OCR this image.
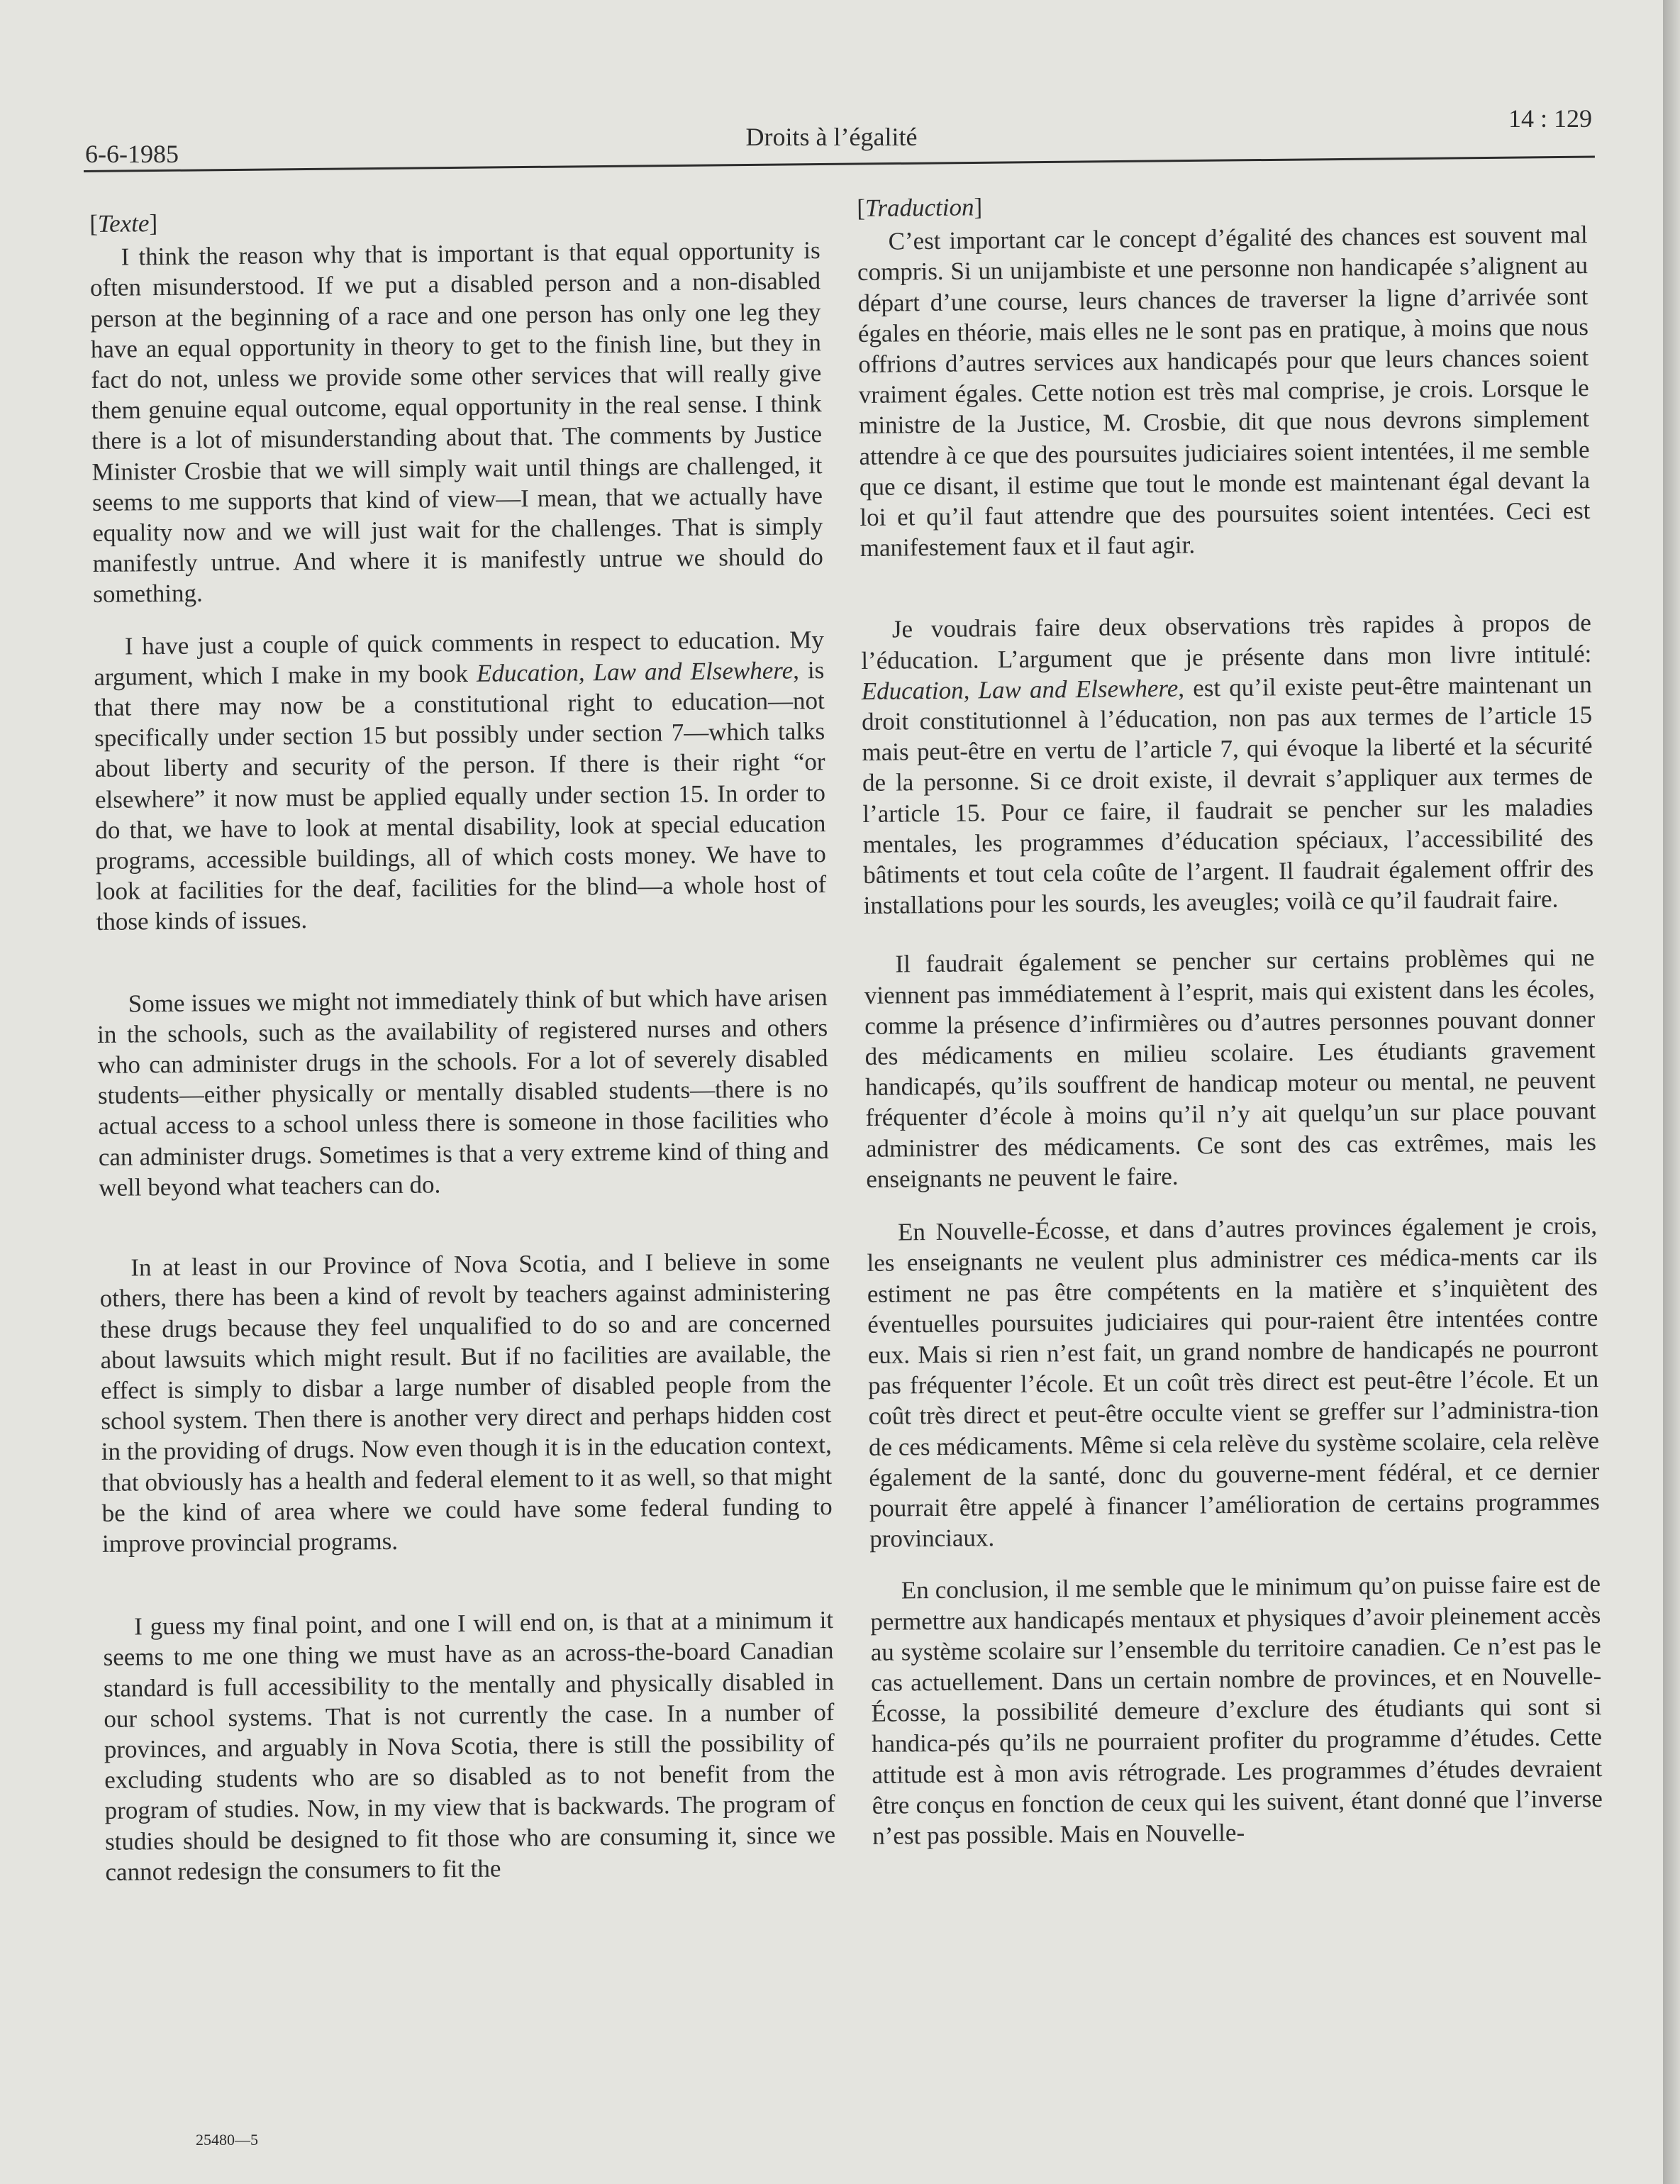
6-6-1985
Droits à l’égalité
14 : 129
[Texte]

I think the reason why that is important is that equal opportunity is often misunderstood. If we put a disabled person and a non-disabled person at the beginning of a race and one person has only one leg they have an equal opportunity in theory to get to the finish line, but they in fact do not, unless we provide some other services that will really give them genuine equal outcome, equal opportunity in the real sense. I think there is a lot of misunderstanding about that. The comments by Justice Minister Crosbie that we will simply wait until things are challenged, it seems to me supports that kind of view—I mean, that we actually have equality now and we will just wait for the challenges. That is simply manifestly untrue. And where it is manifestly untrue we should do something.

I have just a couple of quick comments in respect to education. My argument, which I make in my book Education, Law and Elsewhere, is that there may now be a constitutional right to education—not specifically under section 15 but possibly under section 7—which talks about liberty and security of the person. If there is their right “or elsewhere” it now must be applied equally under section 15. In order to do that, we have to look at mental disability, look at special education programs, accessible buildings, all of which costs money. We have to look at facilities for the deaf, facilities for the blind—a whole host of those kinds of issues.

Some issues we might not immediately think of but which have arisen in the schools, such as the availability of registered nurses and others who can administer drugs in the schools. For a lot of severely disabled students—either physically or mentally disabled students—there is no actual access to a school unless there is someone in those facilities who can administer drugs. Sometimes is that a very extreme kind of thing and well beyond what teachers can do.

In at least in our Province of Nova Scotia, and I believe in some others, there has been a kind of revolt by teachers against administering these drugs because they feel unqualified to do so and are concerned about lawsuits which might result. But if no facilities are available, the effect is simply to disbar a large number of disabled people from the school system. Then there is another very direct and perhaps hidden cost in the providing of drugs. Now even though it is in the education context, that obviously has a health and federal element to it as well, so that might be the kind of area where we could have some federal funding to improve provincial programs.

I guess my final point, and one I will end on, is that at a minimum it seems to me one thing we must have as an across-the-board Canadian standard is full accessibility to the mentally and physically disabled in our school systems. That is not currently the case. In a number of provinces, and arguably in Nova Scotia, there is still the possibility of excluding students who are so disabled as to not benefit from the program of studies. Now, in my view that is backwards. The program of studies should be designed to fit those who are consuming it, since we cannot redesign the consumers to fit the

[Traduction]

C’est important car le concept d’égalité des chances est souvent mal compris. Si un unijambiste et une personne non handicapée s’alignent au départ d’une course, leurs chances de traverser la ligne d’arrivée sont égales en théorie, mais elles ne le sont pas en pratique, à moins que nous offrions d’autres services aux handicapés pour que leurs chances soient vraiment égales. Cette notion est très mal comprise, je crois. Lorsque le ministre de la Justice, M. Crosbie, dit que nous devrons simplement attendre à ce que des poursuites judiciaires soient intentées, il me semble que ce disant, il estime que tout le monde est maintenant égal devant la loi et qu’il faut attendre que des poursuites soient intentées. Ceci est manifestement faux et il faut agir.

Je voudrais faire deux observations très rapides à propos de l’éducation. L’argument que je présente dans mon livre intitulé: Education, Law and Elsewhere, est qu’il existe peut-être maintenant un droit constitutionnel à l’éducation, non pas aux termes de l’article 15 mais peut-être en vertu de l’article 7, qui évoque la liberté et la sécurité de la personne. Si ce droit existe, il devrait s’appliquer aux termes de l’article 15. Pour ce faire, il faudrait se pencher sur les maladies mentales, les programmes d’éducation spéciaux, l’accessibilité des bâtiments et tout cela coûte de l’argent. Il faudrait également offrir des installations pour les sourds, les aveugles; voilà ce qu’il faudrait faire.

Il faudrait également se pencher sur certains problèmes qui ne viennent pas immédiatement à l’esprit, mais qui existent dans les écoles, comme la présence d’infirmières ou d’autres personnes pouvant donner des médicaments en milieu scolaire. Les étudiants gravement handicapés, qu’ils souffrent de handicap moteur ou mental, ne peuvent fréquenter d’école à moins qu’il n’y ait quelqu’un sur place pouvant administrer des médicaments. Ce sont des cas extrêmes, mais les enseignants ne peuvent le faire.

En Nouvelle-Écosse, et dans d’autres provinces également je crois, les enseignants ne veulent plus administrer ces médica-ments car ils estiment ne pas être compétents en la matière et s’inquiètent des éventuelles poursuites judiciaires qui pour-raient être intentées contre eux. Mais si rien n’est fait, un grand nombre de handicapés ne pourront pas fréquenter l’école. Et un coût très direct est peut-être l’école. Et un coût très direct et peut-être occulte vient se greffer sur l’administra-tion de ces médicaments. Même si cela relève du système scolaire, cela relève également de la santé, donc du gouverne-ment fédéral, et ce dernier pourrait être appelé à financer l’amélioration de certains programmes provinciaux.

En conclusion, il me semble que le minimum qu’on puisse faire est de permettre aux handicapés mentaux et physiques d’avoir pleinement accès au système scolaire sur l’ensemble du territoire canadien. Ce n’est pas le cas actuellement. Dans un certain nombre de provinces, et en Nouvelle-Écosse, la possibilité demeure d’exclure des étudiants qui sont si handica-pés qu’ils ne pourraient profiter du programme d’études. Cette attitude est à mon avis rétrograde. Les programmes d’études devraient être conçus en fonction de ceux qui les suivent, étant donné que l’inverse n’est pas possible. Mais en Nouvelle-

25480—5
